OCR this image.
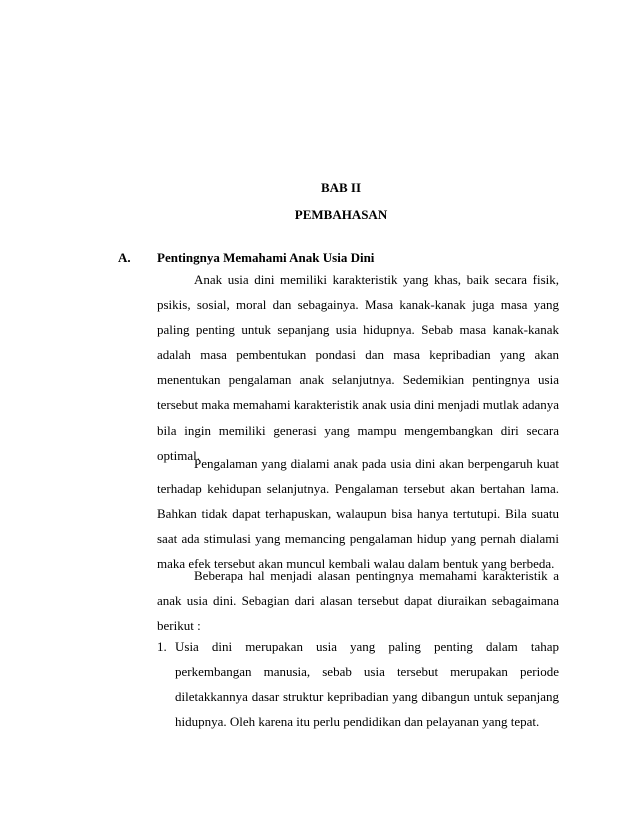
BAB II
PEMBAHASAN
A. Pentingnya Memahami Anak Usia Dini

Anak usia dini memiliki karakteristik yang khas, baik secara fisik, psikis, sosial, moral dan sebagainya. Masa kanak-kanak juga masa yang paling penting untuk sepanjang usia hidupnya. Sebab masa kanak-kanak adalah masa pembentukan pondasi dan masa kepribadian yang akan menentukan pengalaman anak selanjutnya. Sedemikian pentingnya usia tersebut maka memahami karakteristik anak usia dini menjadi mutlak adanya bila ingin memiliki generasi yang mampu mengembangkan diri secara optimal.

Pengalaman yang dialami anak pada usia dini akan berpengaruh kuat terhadap kehidupan selanjutnya. Pengalaman tersebut akan bertahan lama. Bahkan tidak dapat terhapuskan, walaupun bisa hanya tertutupi. Bila suatu saat ada stimulasi yang memancing pengalaman hidup yang pernah dialami maka efek tersebut akan muncul kembali walau dalam bentuk yang berbeda.

Beberapa hal menjadi alasan pentingnya memahami karakteristik a anak usia dini. Sebagian dari alasan tersebut dapat diuraikan sebagaimana berikut :

1. Usia dini merupakan usia yang paling penting dalam tahap perkembangan manusia, sebab usia tersebut merupakan periode diletakkannya dasar struktur kepribadian yang dibangun untuk sepanjang hidupnya. Oleh karena itu perlu pendidikan dan pelayanan yang tepat.
